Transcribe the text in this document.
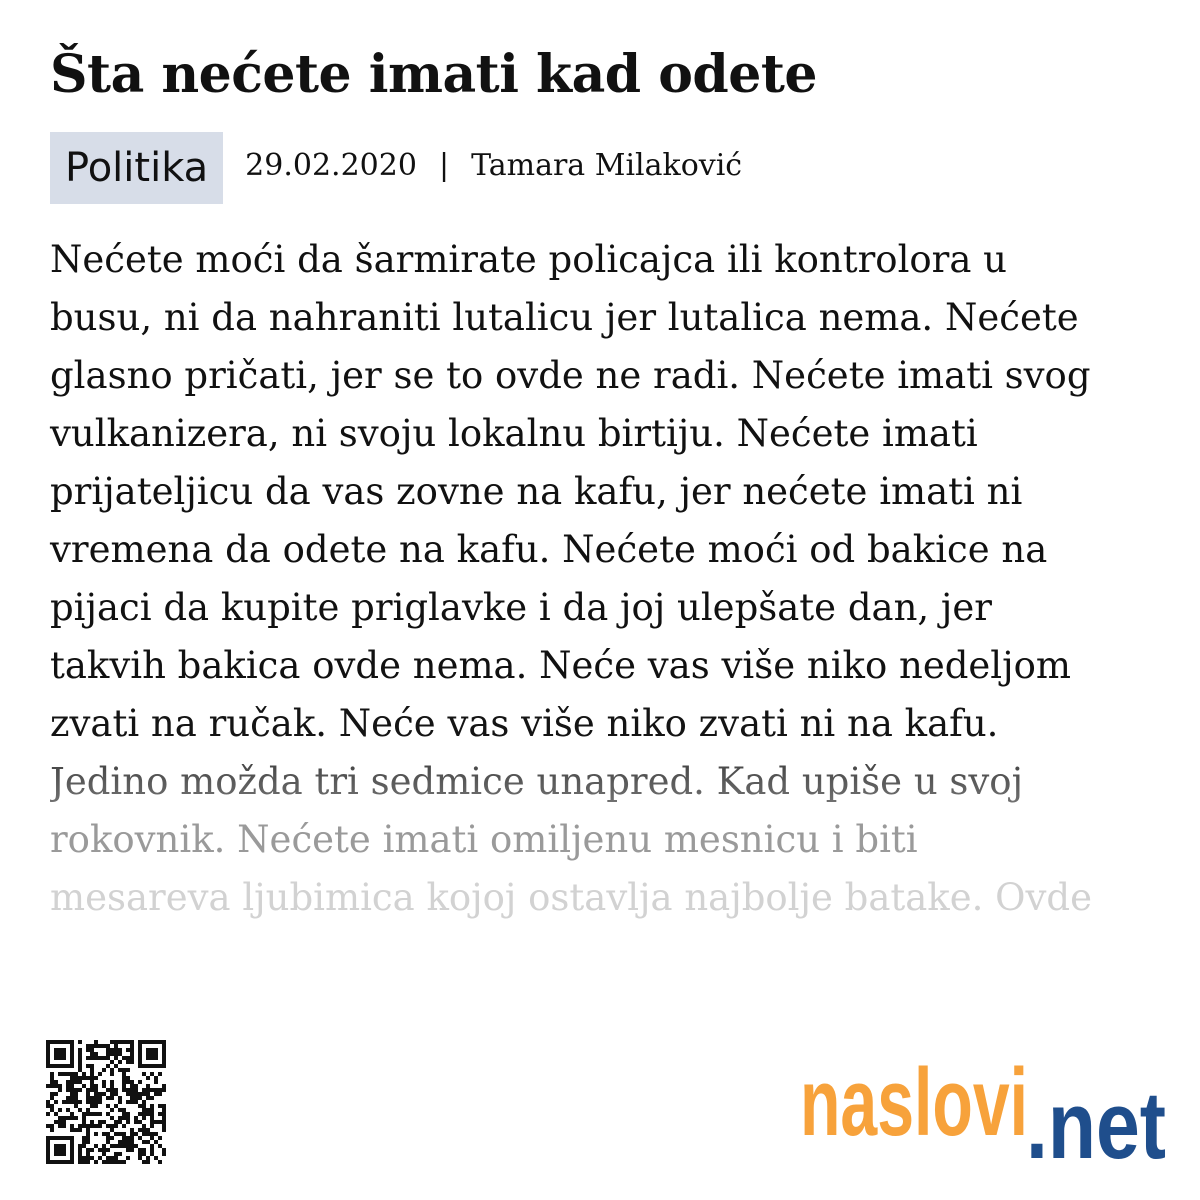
Šta nećete imati kad odete
Politika	29.02.2020 | Tamara Milaković

Nećete moći da šarmirate policajca ili kontrolora u
busu, ni da nahraniti lutalicu jer lutalica nema. Nećete
glasno pričati, jer se to ovde ne radi. Nećete imati svog
vulkanizera, ni svoju lokalnu birtiju. Nećete imati
prijateljicu da vas zovne na kafu, jer nećete imati ni
vremena da odete na kafu. Nećete moći od bakice na
pijaci da kupite priglavke i da joj ulepšate dan, jer
takvih bakica ovde nema. Neće vas više niko nedeljom
zvati na ručak. Neće vas više niko zvati ni na kafu.
Jedino možda tri sedmice unapred. Kad upiše u svoj
rokovnik. Nećete imati omiljenu mesnicu i biti
mesareva ljubimica kojoj ostavlja najbolje batake. Ovde

naslovi
.net
